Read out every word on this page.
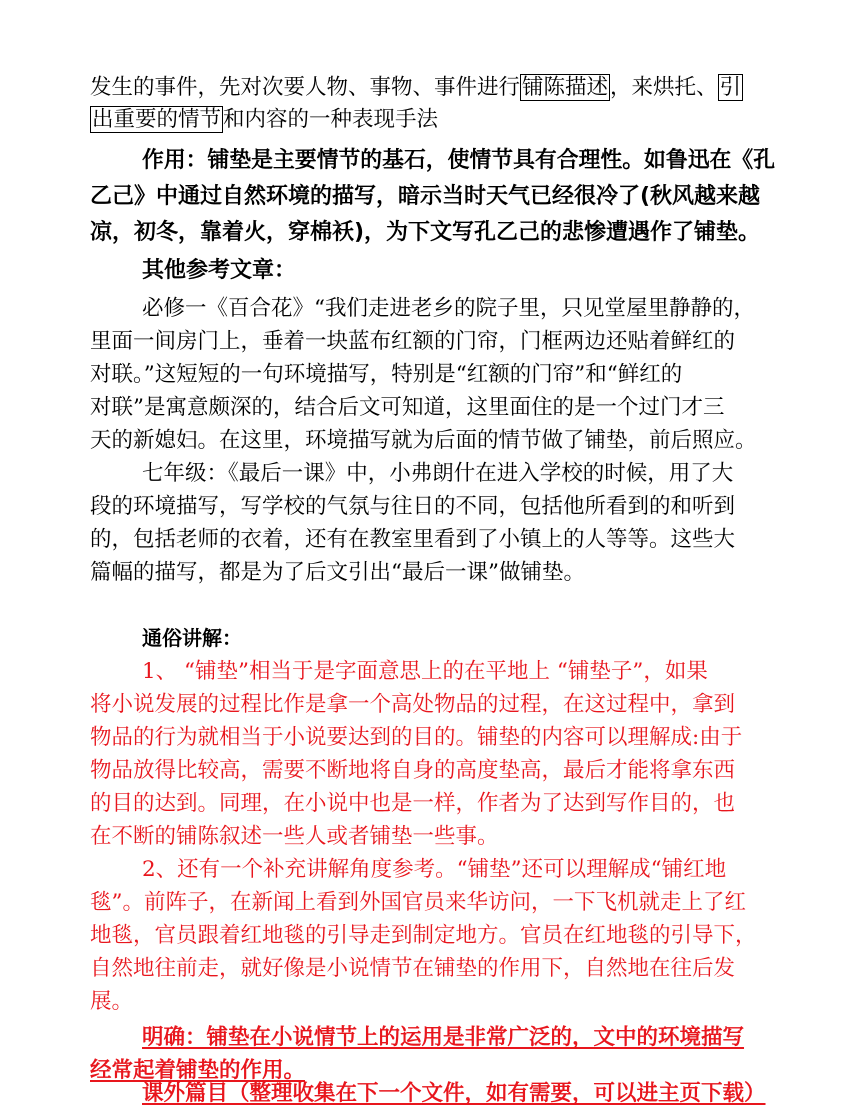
发生的事件，先对次要人物、事物、事件进行铺陈描述，来烘托、引
出重要的情节和内容的一种表现手法
作用：铺垫是主要情节的基石，使情节具有合理性。如鲁迅在《孔
乙己》中通过自然环境的描写，暗示当时天气已经很冷了(秋风越来越
凉，初冬，靠着火，穿棉袄)，为下文写孔乙己的悲惨遭遇作了铺垫。
其他参考文章：
必修一《百合花》“我们走进老乡的院子里，只见堂屋里静静的，
里面一间房门上，垂着一块蓝布红额的门帘，门框两边还贴着鲜红的
对联。”这短短的一句环境描写，特别是“红额的门帘”和“鲜红的
对联”是寓意颇深的，结合后文可知道，这里面住的是一个过门才三
天的新媳妇。在这里，环境描写就为后面的情节做了铺垫，前后照应。
七年级：《最后一课》中，小弗朗什在进入学校的时候，用了大
段的环境描写，写学校的气氛与往日的不同，包括他所看到的和听到
的，包括老师的衣着，还有在教室里看到了小镇上的人等等。这些大
篇幅的描写，都是为了后文引出“最后一课”做铺垫。
通俗讲解：
1、 “铺垫”相当于是字面意思上的在平地上 “铺垫子”，如果
将小说发展的过程比作是拿一个高处物品的过程，在这过程中，拿到
物品的行为就相当于小说要达到的目的。铺垫的内容可以理解成:由于
物品放得比较高，需要不断地将自身的高度垫高，最后才能将拿东西
的目的达到。同理，在小说中也是一样，作者为了达到写作目的，也
在不断的铺陈叙述一些人或者铺垫一些事。
2、还有一个补充讲解角度参考。“铺垫”还可以理解成“铺红地
毯”。前阵子，在新闻上看到外国官员来华访问，一下飞机就走上了红
地毯，官员跟着红地毯的引导走到制定地方。官员在红地毯的引导下，
自然地往前走，就好像是小说情节在铺垫的作用下，自然地在往后发
展。
明确：铺垫在小说情节上的运用是非常广泛的，文中的环境描写
经常起着铺垫的作用。
课外篇目（整理收集在下一个文件，如有需要，可以进主页下载）
